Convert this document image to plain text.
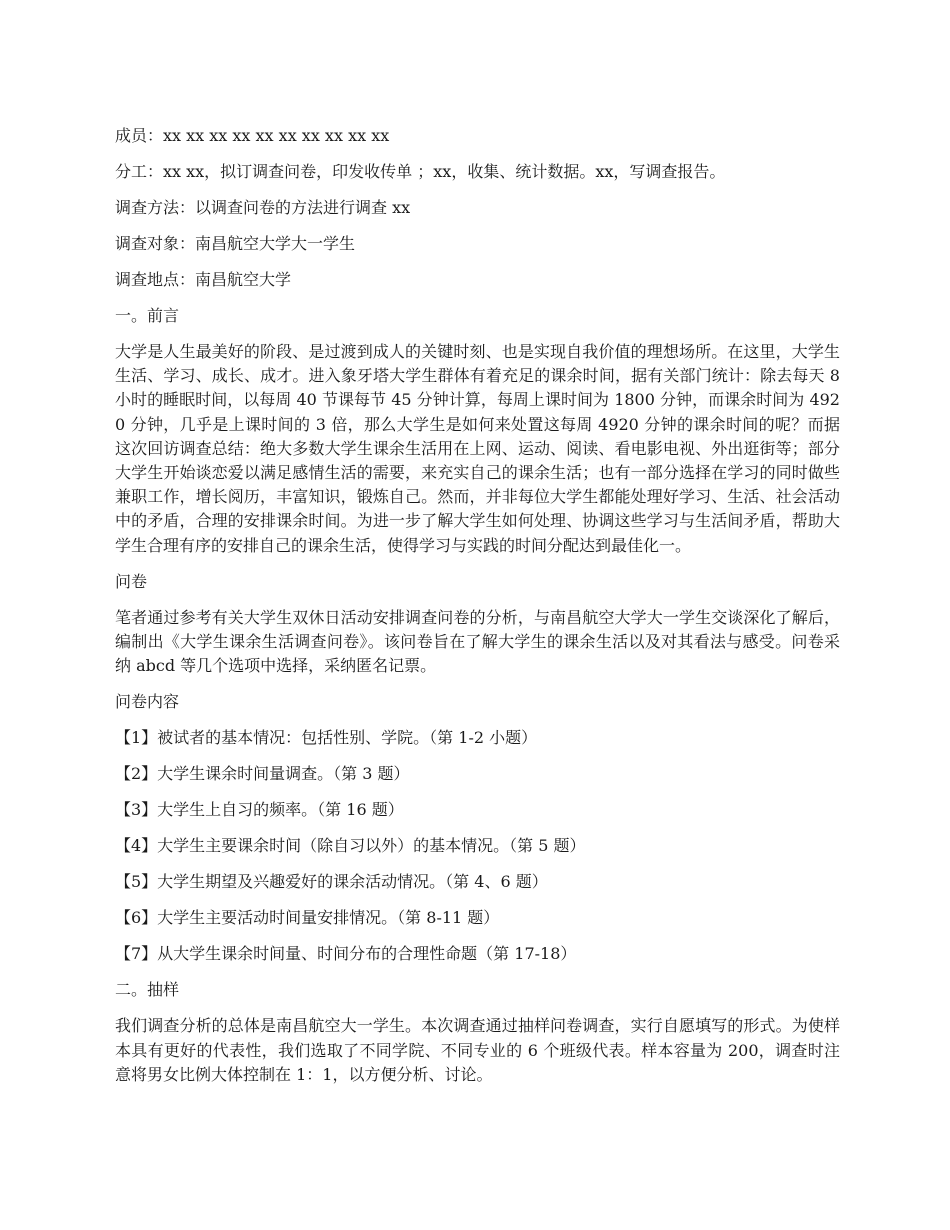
成员：xx xx xx xx xx xx xx xx xx xx

分工：xx xx，拟订调查问卷，印发收传单 ；xx，收集、统计数据。xx，写调查报告。

调查方法：以调查问卷的方法进行调查 xx

调查对象：南昌航空大学大一学生

调查地点：南昌航空大学

一。前言

大学是人生最美好的阶段、是过渡到成人的关键时刻、也是实现自我价值的理想场所。在这里，大学生生活、学习、成长、成才。进入象牙塔大学生群体有着充足的课余时间，据有关部门统计：除去每天 8 小时的睡眠时间，以每周 40 节课每节 45 分钟计算，每周上课时间为 1800 分钟，而课余时间为 4920 分钟，几乎是上课时间的 3 倍，那么大学生是如何来处置这每周 4920 分钟的课余时间的呢？而据这次回访调查总结：绝大多数大学生课余生活用在上网、运动、阅读、看电影电视、外出逛街等；部分大学生开始谈恋爱以满足感情生活的需要，来充实自己的课余生活；也有一部分选择在学习的同时做些兼职工作，增长阅历，丰富知识，锻炼自己。然而，并非每位大学生都能处理好学习、生活、社会活动中的矛盾，合理的安排课余时间。为进一步了解大学生如何处理、协调这些学习与生活间矛盾，帮助大学生合理有序的安排自己的课余生活，使得学习与实践的时间分配达到最佳化一。

问卷

笔者通过参考有关大学生双休日活动安排调查问卷的分析，与南昌航空大学大一学生交谈深化了解后，编制出《大学生课余生活调查问卷》。该问卷旨在了解大学生的课余生活以及对其看法与感受。问卷采纳 abcd 等几个选项中选择，采纳匿名记票。

问卷内容

【1】被试者的基本情况：包括性别、学院。（第 1-2 小题）

【2】大学生课余时间量调查。（第 3 题）

【3】大学生上自习的频率。（第 16 题）

【4】大学生主要课余时间（除自习以外）的基本情况。（第 5 题）

【5】大学生期望及兴趣爱好的课余活动情况。（第 4、6 题）

【6】大学生主要活动时间量安排情况。（第 8-11 题）

【7】从大学生课余时间量、时间分布的合理性命题（第 17-18）

二。抽样

我们调查分析的总体是南昌航空大一学生。本次调查通过抽样问卷调查，实行自愿填写的形式。为使样本具有更好的代表性，我们选取了不同学院、不同专业的 6 个班级代表。样本容量为 200，调查时注意将男女比例大体控制在 1：1，以方便分析、讨论。
